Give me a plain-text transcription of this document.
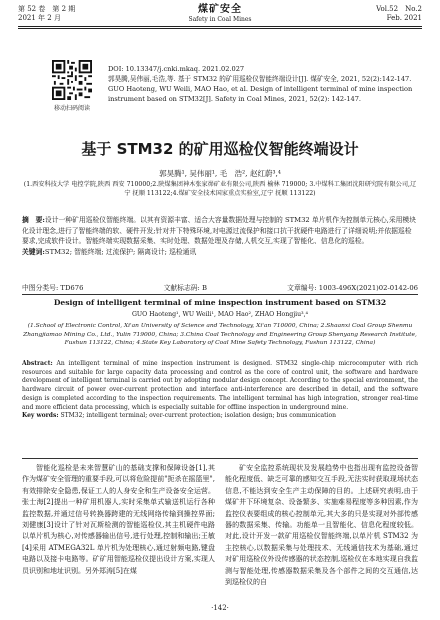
第 52 卷　第 2 期
2021 年 2 月
煤矿安全
Safety in Coal Mines
Vol.52　No.2
Feb. 2021
移动扫码阅读

DOI: 10.13347/j.cnki.mkaq. 2021.02.027

郭昊腾,吴伟丽,毛浩,等. 基于 STM32 的矿用巡检仪智能终端设计[J]. 煤矿安全, 2021, 52(2):142-147.

GUO Haoteng, WU Weili, MAO Hao, et al. Design of intelligent terminal of mine inspection instrument based on STM32[J]. Safety in Coal Mines, 2021, 52(2): 142-147.

基于 STM32 的矿用巡检仪智能终端设计
郭昊腾¹, 吴伟丽¹, 毛　浩², 赵红蔚³,⁴
(1.西安科技大学 电控学院,陕西 西安 710000;2.陕煤集团神木张家峁矿业有限公司,陕西 榆林 719000; 3.中煤科工集团沈阳研究院有限公司,辽宁 抚顺 113122;4.煤矿安全技术国家重点实验室,辽宁 抚顺 113122)

摘　要:设计一种矿用巡检仪智能终端。以其有资源丰富、适合大容量数据处理与控制的 STM32 单片机作为控制单元核心,采用模块化设计理念,进行了智能终端的软、硬件开发;针对井下特殊环境,对电源过流保护和接口抗干扰硬件电路进行了详细说明;并依据巡检要求,完成软件设计。智能终端实现数据采集、实时处理、数据处理及存储,人机交互,实现了智能化、信息化的巡检。

关键词:STM32; 智能终端; 过流保护; 隔离设计; 巡检通讯

中图分类号: TD676	文献标志码: B	文章编号: 1003-496X(2021)02-0142-06
Design of intelligent terminal of mine inspection instrument based on STM32
GUO Haoteng¹, WU Weili¹, MAO Hao², ZHAO Hongjiu³,⁴
(1.School of Electronic Control, Xi'an University of Science and Technology, Xi'an 710000, China; 2.Shaanxi Coal Group Shenmu Zhangjiamao Mining Co., Ltd., Yulin 719000, China; 3.China Coal Technology and Engineering Group Shenyang Research Institute, Fushun 113122, China; 4.State Key Laboratory of Coal Mine Safety Technology, Fushun 113122, China)

Abstract: An intelligent terminal of mine inspection instrument is designed. STM32 single-chip microcomputer with rich resources and suitable for large capacity data processing and control as the core of control unit, the software and hardware development of intelligent terminal is carried out by adopting modular design concept. According to the special environment, the hardware circuit of power over-current protection and interface anti-interference are described in detail, and the software design is completed according to the inspection requirements. The intelligent terminal has high integration, stronger real-time and more efficient data processing, which is especially suitable for offline inspection in underground mine.

Key words: STM32; intelligent terminal; over-current protection; isolation design; bus communication

智能化巡检是未来智慧矿山的基础支撑和保障设备[1],其作为煤矿安全管理的重要手段,可以将危险提前"扼杀在摇篮里",有效排除安全隐患,保证工人的人身安全和生产设备安全运营。张士海[2]提出一种矿用机器人,实时采集单式输送机运行各种监控数据,并通过信号转换器跨建的无线网络传输到操控界面;刘健康[3]设计了针对瓦斯检测的智能巡检仪,其主机硬件电路以单片机为核心,对传感器输出信号,进行处理,控制和输出;王敏[4]采用 ATMEGA32L 单片机为处理核心,通过射频电路,键盘电路以及接卡电路等。矿矿用智能巡检仪提出设计方案,实现人员识别和地址识别。另外郑涛[5]在煤

矿安全监控系统现状及发展趋势中也指出现有监控设备智能化程度低、缺乏可靠的感知交互手段,无法实时获取现场状态信息,不能达到安全生产主动保障的目的。上述研究表明,由于煤矿井下环境复杂、设备繁多、实施难易程度等多种因素,作为监控仪表要组成的核心控制单元,其大多的只是实现对外部传感器的数据采集、传输。功能单一且智能化、信息化程度较低。对此,设计开发一款矿用巡检仪智能终端,以单片机 STM32 为主控核心,以数据采集与处理技术、无线通信技术为基础,通过对矿用巡检仪外设传感器的状态控制,巡检仪在本地实现自我监测与智能处理,传感器数据采集及各个部件之间的交互通信,达到巡检仪的自

·142·
